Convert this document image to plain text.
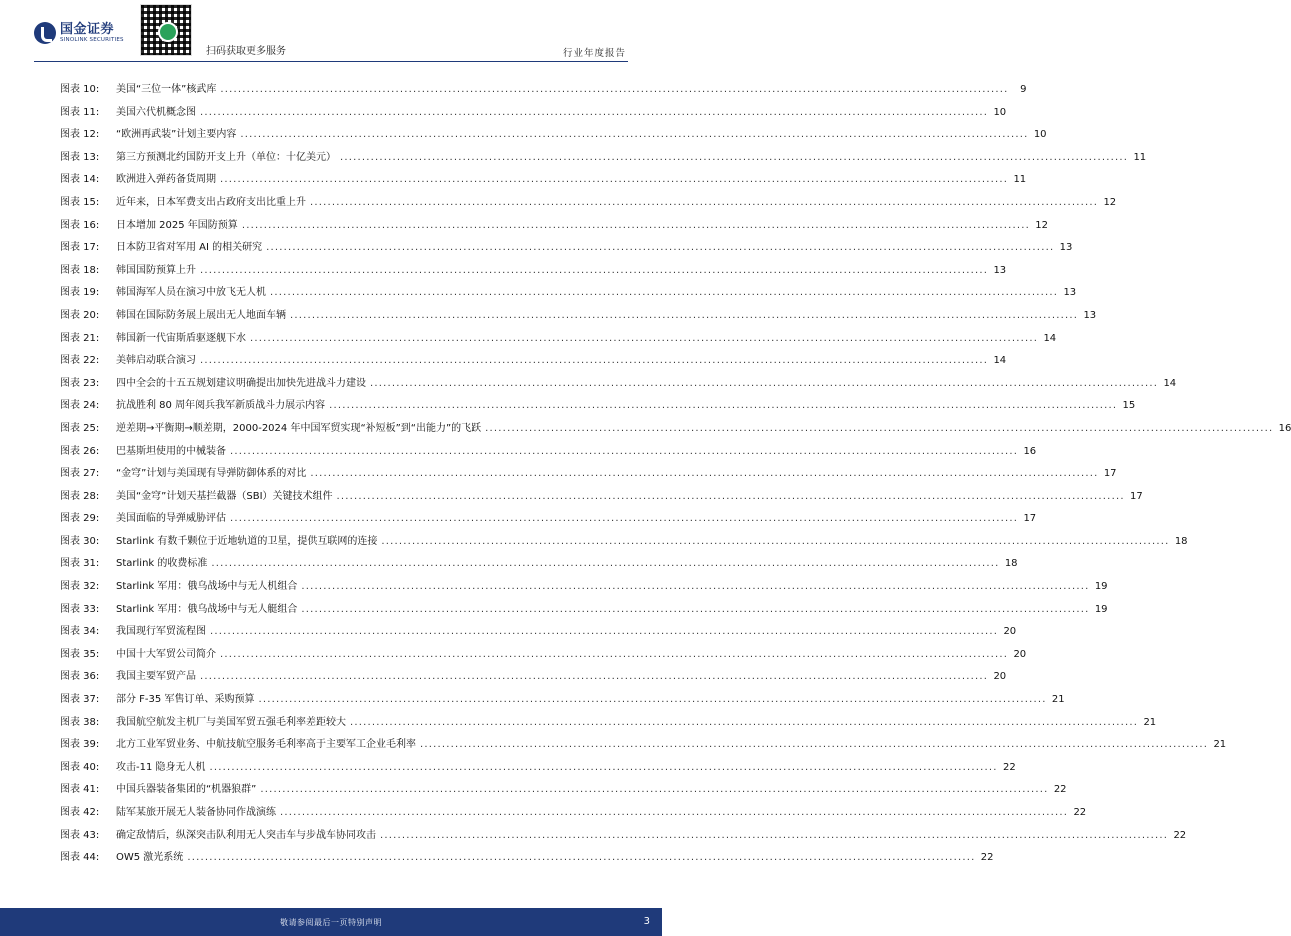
国金证券
SINOLINK SECURITIES
扫码获取更多服务	行业年度报告
图表 10:	美国“三位一体”核武库 .....	9
图表 11:	美国六代机概念图 .....	10
图表 12:	“欧洲再武装”计划主要内容 .....	10
图表 13:	第三方预测北约国防开支上升（单位：十亿美元） .....	11
图表 14:	欧洲进入弹药备货周期 .....	11
图表 15:	近年来，日本军费支出占政府支出比重上升 .....	12
图表 16:	日本增加 2025 年国防预算 .....	12
图表 17:	日本防卫省对军用 AI 的相关研究 .....	13
图表 18:	韩国国防预算上升 .....	13
图表 19:	韩国海军人员在演习中放飞无人机 .....	13
图表 20:	韩国在国际防务展上展出无人地面车辆 .....	13
图表 21:	韩国新一代宙斯盾驱逐舰下水 .....	14
图表 22:	美韩启动联合演习 .....	14
图表 23:	四中全会的十五五规划建议明确提出加快先进战斗力建设 .....	14
图表 24:	抗战胜利 80 周年阅兵我军新质战斗力展示内容 .....	15
图表 25:	逆差期→平衡期→顺差期，2000-2024 年中国军贸实现“补短板”到“出能力”的飞跃 .....	16
图表 26:	巴基斯坦使用的中械装备 .....	16
图表 27:	“金穹”计划与美国现有导弹防御体系的对比 .....	17
图表 28:	美国“金穹”计划天基拦截器（SBI）关键技术组件 .....	17
图表 29:	美国面临的导弹威胁评估 .....	17
图表 30:	Starlink 有数千颗位于近地轨道的卫星，提供互联网的连接 .....	18
图表 31:	Starlink 的收费标准 .....	18
图表 32:	Starlink 军用：俄乌战场中与无人机组合 .....	19
图表 33:	Starlink 军用：俄乌战场中与无人艇组合 .....	19
图表 34:	我国现行军贸流程图 .....	20
图表 35:	中国十大军贸公司简介 .....	20
图表 36:	我国主要军贸产品 .....	20
图表 37:	部分 F-35 军售订单、采购预算 .....	21
图表 38:	我国航空航发主机厂与美国军贸五强毛利率差距较大 .....	21
图表 39:	北方工业军贸业务、中航技航空服务毛利率高于主要军工企业毛利率 .....	21
图表 40:	攻击-11 隐身无人机 .....	22
图表 41:	中国兵器装备集团的“机器狼群” .....	22
图表 42:	陆军某旅开展无人装备协同作战演练 .....	22
图表 43:	确定敌情后，纵深突击队利用无人突击车与步战车协同攻击 .....	22
图表 44:	OW5 激光系统 .....	22
敬请参阅最后一页特别声明	3
